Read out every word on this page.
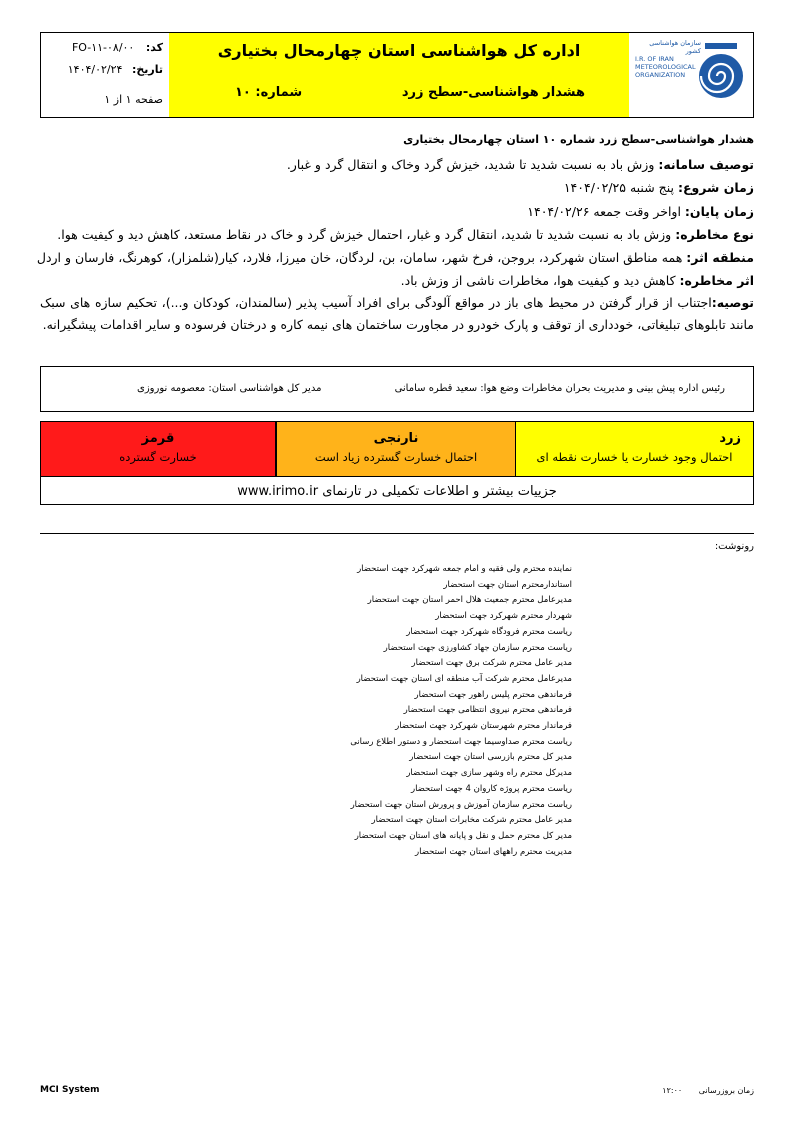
سازمان هواشناسی کشور
I.R. OF IRAN
METEOROLOGICAL
ORGANIZATION
اداره کل هواشناسی استان چهارمحال بختیاری
هشدار هواشناسی-سطح زرد
شماره: ۱۰
کد: FO-۱۱-۰۸/۰۰
تاریخ: ۱۴۰۴/۰۲/۲۴
صفحه ۱ از ۱
هشدار هواشناسی-سطح زرد شماره ۱۰ استان چهارمحال بختیاری
توصیف سامانه: وزش باد به نسبت شدید تا شدید، خیزش گرد وخاک و انتقال گرد و غبار.
زمان شروع: پنج شنبه ۱۴۰۴/۰۲/۲۵
زمان پایان: اواخر وقت جمعه ۱۴۰۴/۰۲/۲۶
نوع مخاطره: وزش باد به نسبت شدید تا شدید، انتقال گرد و غبار، احتمال خیزش گرد و خاک در نقاط مستعد، کاهش دید و کیفیت هوا.
منطقه اثر: همه مناطق استان شهرکرد، بروجن، فرخ شهر، سامان، بن، لردگان، خان میرزا، فلارد، کیار(شلمزار)، کوهرنگ، فارسان و اردل
اثر مخاطره: کاهش دید و کیفیت هوا، مخاطرات ناشی از وزش باد.
توصیه:اجتناب از قرار گرفتن در محیط های باز در مواقع آلودگی برای افراد آسیب پذیر (سالمندان، کودکان و...)، تحکیم سازه های سبک مانند تابلوهای تبلیغاتی، خودداری از توقف و پارک خودرو در مجاورت ساختمان های نیمه کاره و درختان فرسوده و سایر اقدامات پیشگیرانه.
رئیس اداره پیش بینی و مدیریت بحران مخاطرات وضع هوا: سعید قطره سامانی
مدیر کل هواشناسی استان: معصومه نوروزی
زرد
احتمال وجود خسارت یا خسارت نقطه ای
نارنجی
احتمال خسارت گسترده زیاد است
قرمز
خسارت گسترده
جزییات بیشتر و اطلاعات تکمیلی در تارنمای www.irimo.ir
رونوشت:
نماینده محترم ولی فقیه و امام جمعه شهرکرد جهت استحضار
استاندارمحترم استان جهت استحضار
مدیرعامل محترم جمعیت هلال احمر استان جهت استحضار
شهردار محترم شهرکرد جهت استحضار
ریاست محترم فرودگاه شهرکرد جهت استحضار
ریاست محترم سازمان جهاد کشاورزی جهت استحضار
مدیر عامل محترم شرکت برق جهت استحضار
مدیرعامل محترم شرکت آب منطقه ای استان جهت استحضار
فرماندهی محترم پلیس راهور جهت استحضار
فرماندهی محترم نیروی انتظامی جهت استحضار
فرماندار محترم شهرستان شهرکرد جهت استحضار
ریاست محترم صداوسیما جهت استحضار و دستور اطلاع رسانی
مدیر کل محترم بازرسی استان جهت استحضار
مدیرکل محترم راه وشهر سازی جهت استحضار
ریاست محترم پروژه کاروان 4 جهت استحضار
ریاست محترم سازمان آموزش و پرورش استان جهت استحضار
مدیر عامل محترم شرکت مخابرات استان جهت استحضار
مدیر کل محترم حمل و نقل و پایانه های استان جهت استحضار
مدیریت محترم راههای استان جهت استحضار
MCI System	زمان بروزرسانی ۱۲:۰۰
